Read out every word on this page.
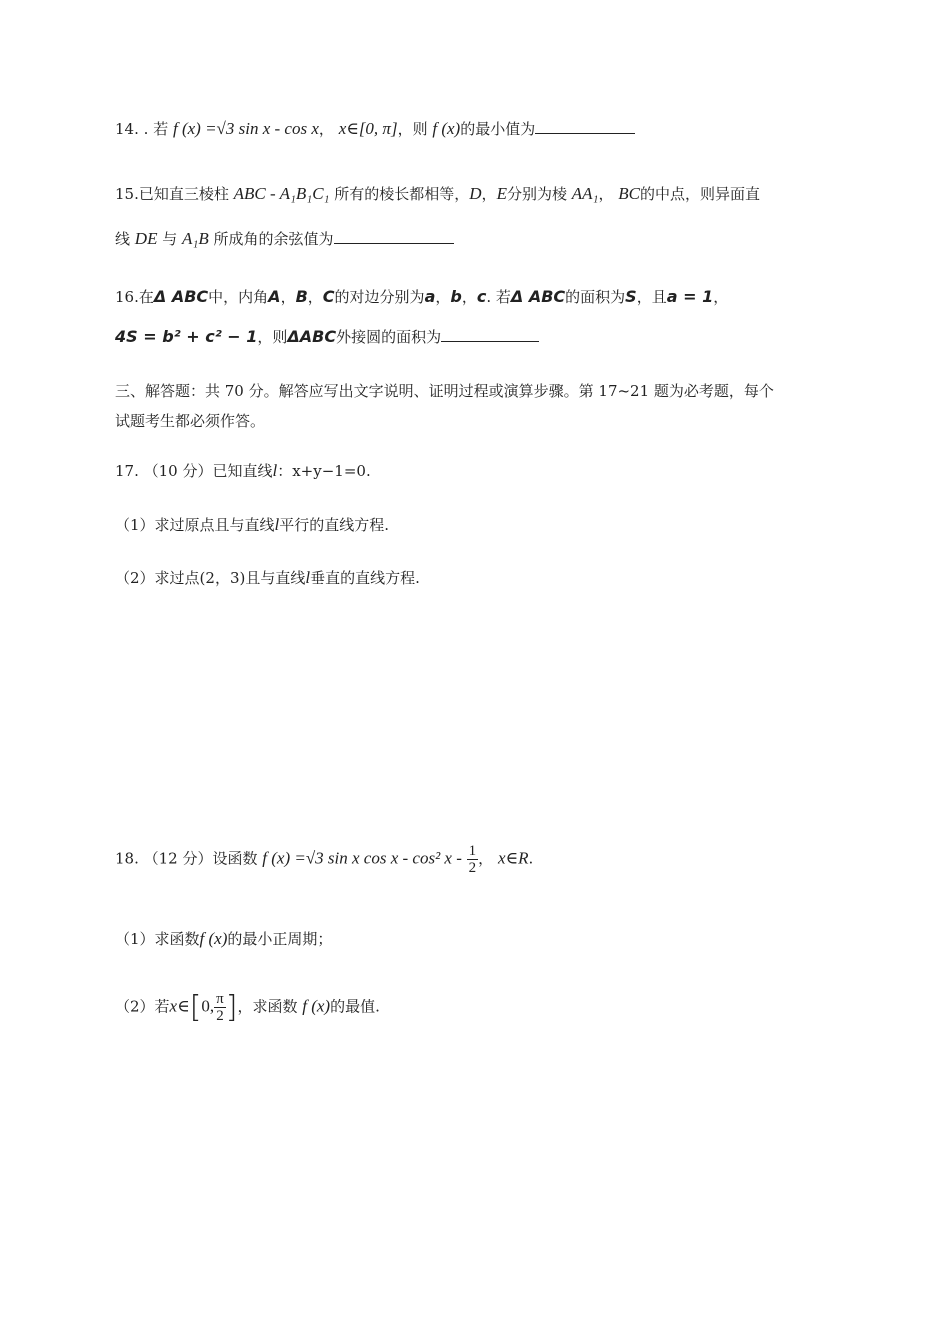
14. . 若 f (x) =√3 sin x - cos x， x∈[0, π]，则 f (x)的最小值为
15.已知直三棱柱 ABC - A₁B₁C₁ 所有的棱长都相等，D，E分别为棱 AA₁， BC的中点，则异面直
线 DE 与 A₁B 所成角的余弦值为
16.在Δ ABC中，内角A，B，C的对边分别为a，b，c. 若Δ ABC的面积为S，且a = 1，
4S = b² + c² − 1，则ΔABC外接圆的面积为
三、解答题：共 70 分。解答应写出文字说明、证明过程或演算步骤。第 17~21 题为必考题，每个
试题考生都必须作答。
17. （10 分）已知直线l：x+y−1=0.
（1）求过原点且与直线l平行的直线方程.
（2）求过点(2，3)且与直线l垂直的直线方程.
18. （12 分）设函数 f (x) =√3 sin x cos x - cos² x - $\frac{1}{2}$ ， x∈R.
（1）求函数f (x)的最小正周期；
（2）若x∈[0, $\frac{\pi}{2}$ ]，求函数 f (x)的最值.
